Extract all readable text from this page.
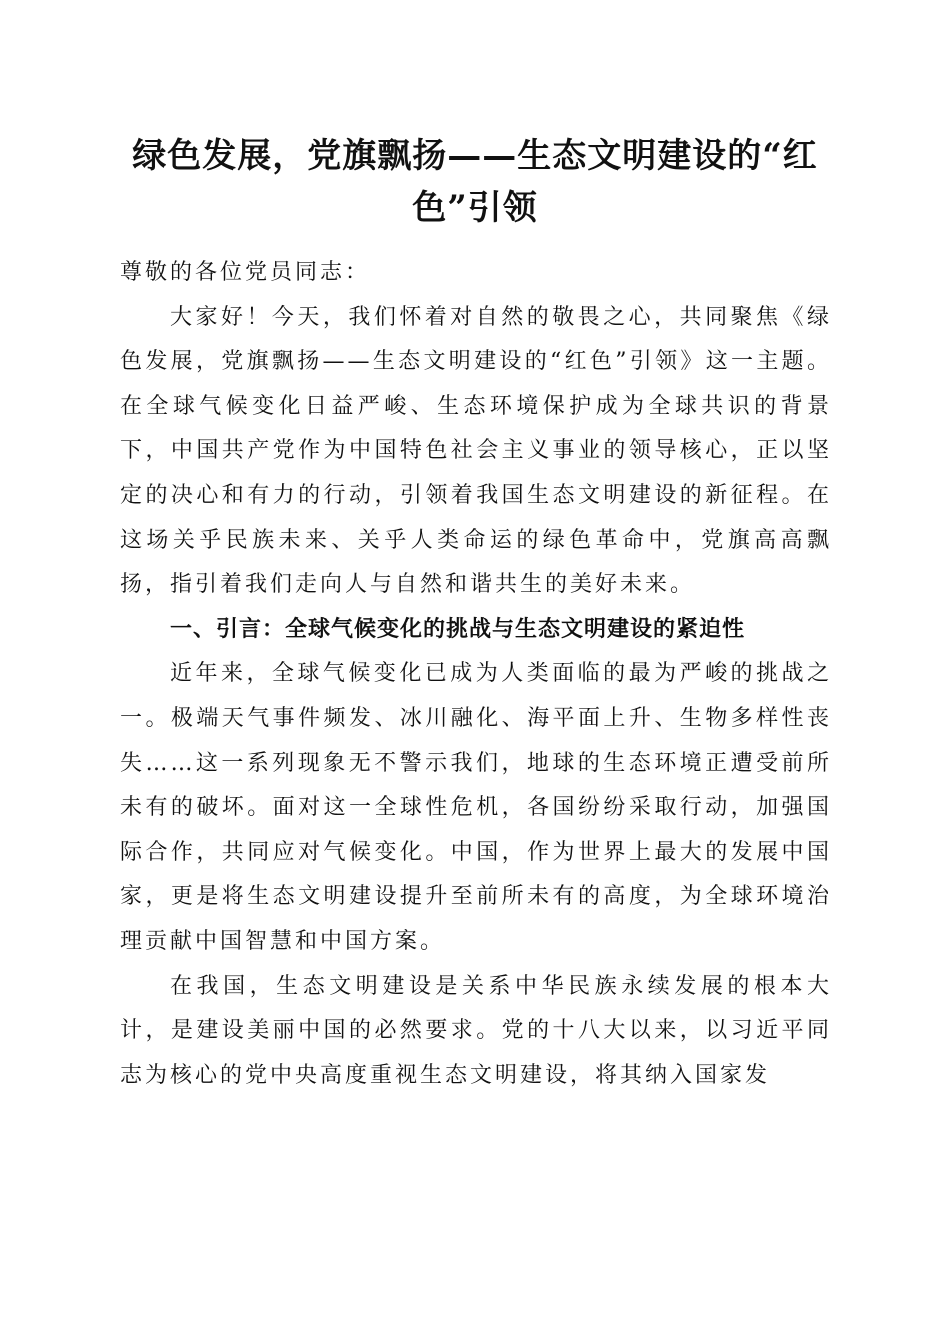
绿色发展，党旗飘扬——生态文明建设的“红色”引领

尊敬的各位党员同志：

大家好！今天，我们怀着对自然的敬畏之心，共同聚焦《绿色发展，党旗飘扬——生态文明建设的“红色”引领》这一主题。在全球气候变化日益严峻、生态环境保护成为全球共识的背景下，中国共产党作为中国特色社会主义事业的领导核心，正以坚定的决心和有力的行动，引领着我国生态文明建设的新征程。在这场关乎民族未来、关乎人类命运的绿色革命中，党旗高高飘扬，指引着我们走向人与自然和谐共生的美好未来。

一、引言：全球气候变化的挑战与生态文明建设的紧迫性

近年来，全球气候变化已成为人类面临的最为严峻的挑战之一。极端天气事件频发、冰川融化、海平面上升、生物多样性丧失……这一系列现象无不警示我们，地球的生态环境正遭受前所未有的破坏。面对这一全球性危机，各国纷纷采取行动，加强国际合作，共同应对气候变化。中国，作为世界上最大的发展中国家，更是将生态文明建设提升至前所未有的高度，为全球环境治理贡献中国智慧和中国方案。

在我国，生态文明建设是关系中华民族永续发展的根本大计，是建设美丽中国的必然要求。党的十八大以来，以习近平同志为核心的党中央高度重视生态文明建设，将其纳入国家发
